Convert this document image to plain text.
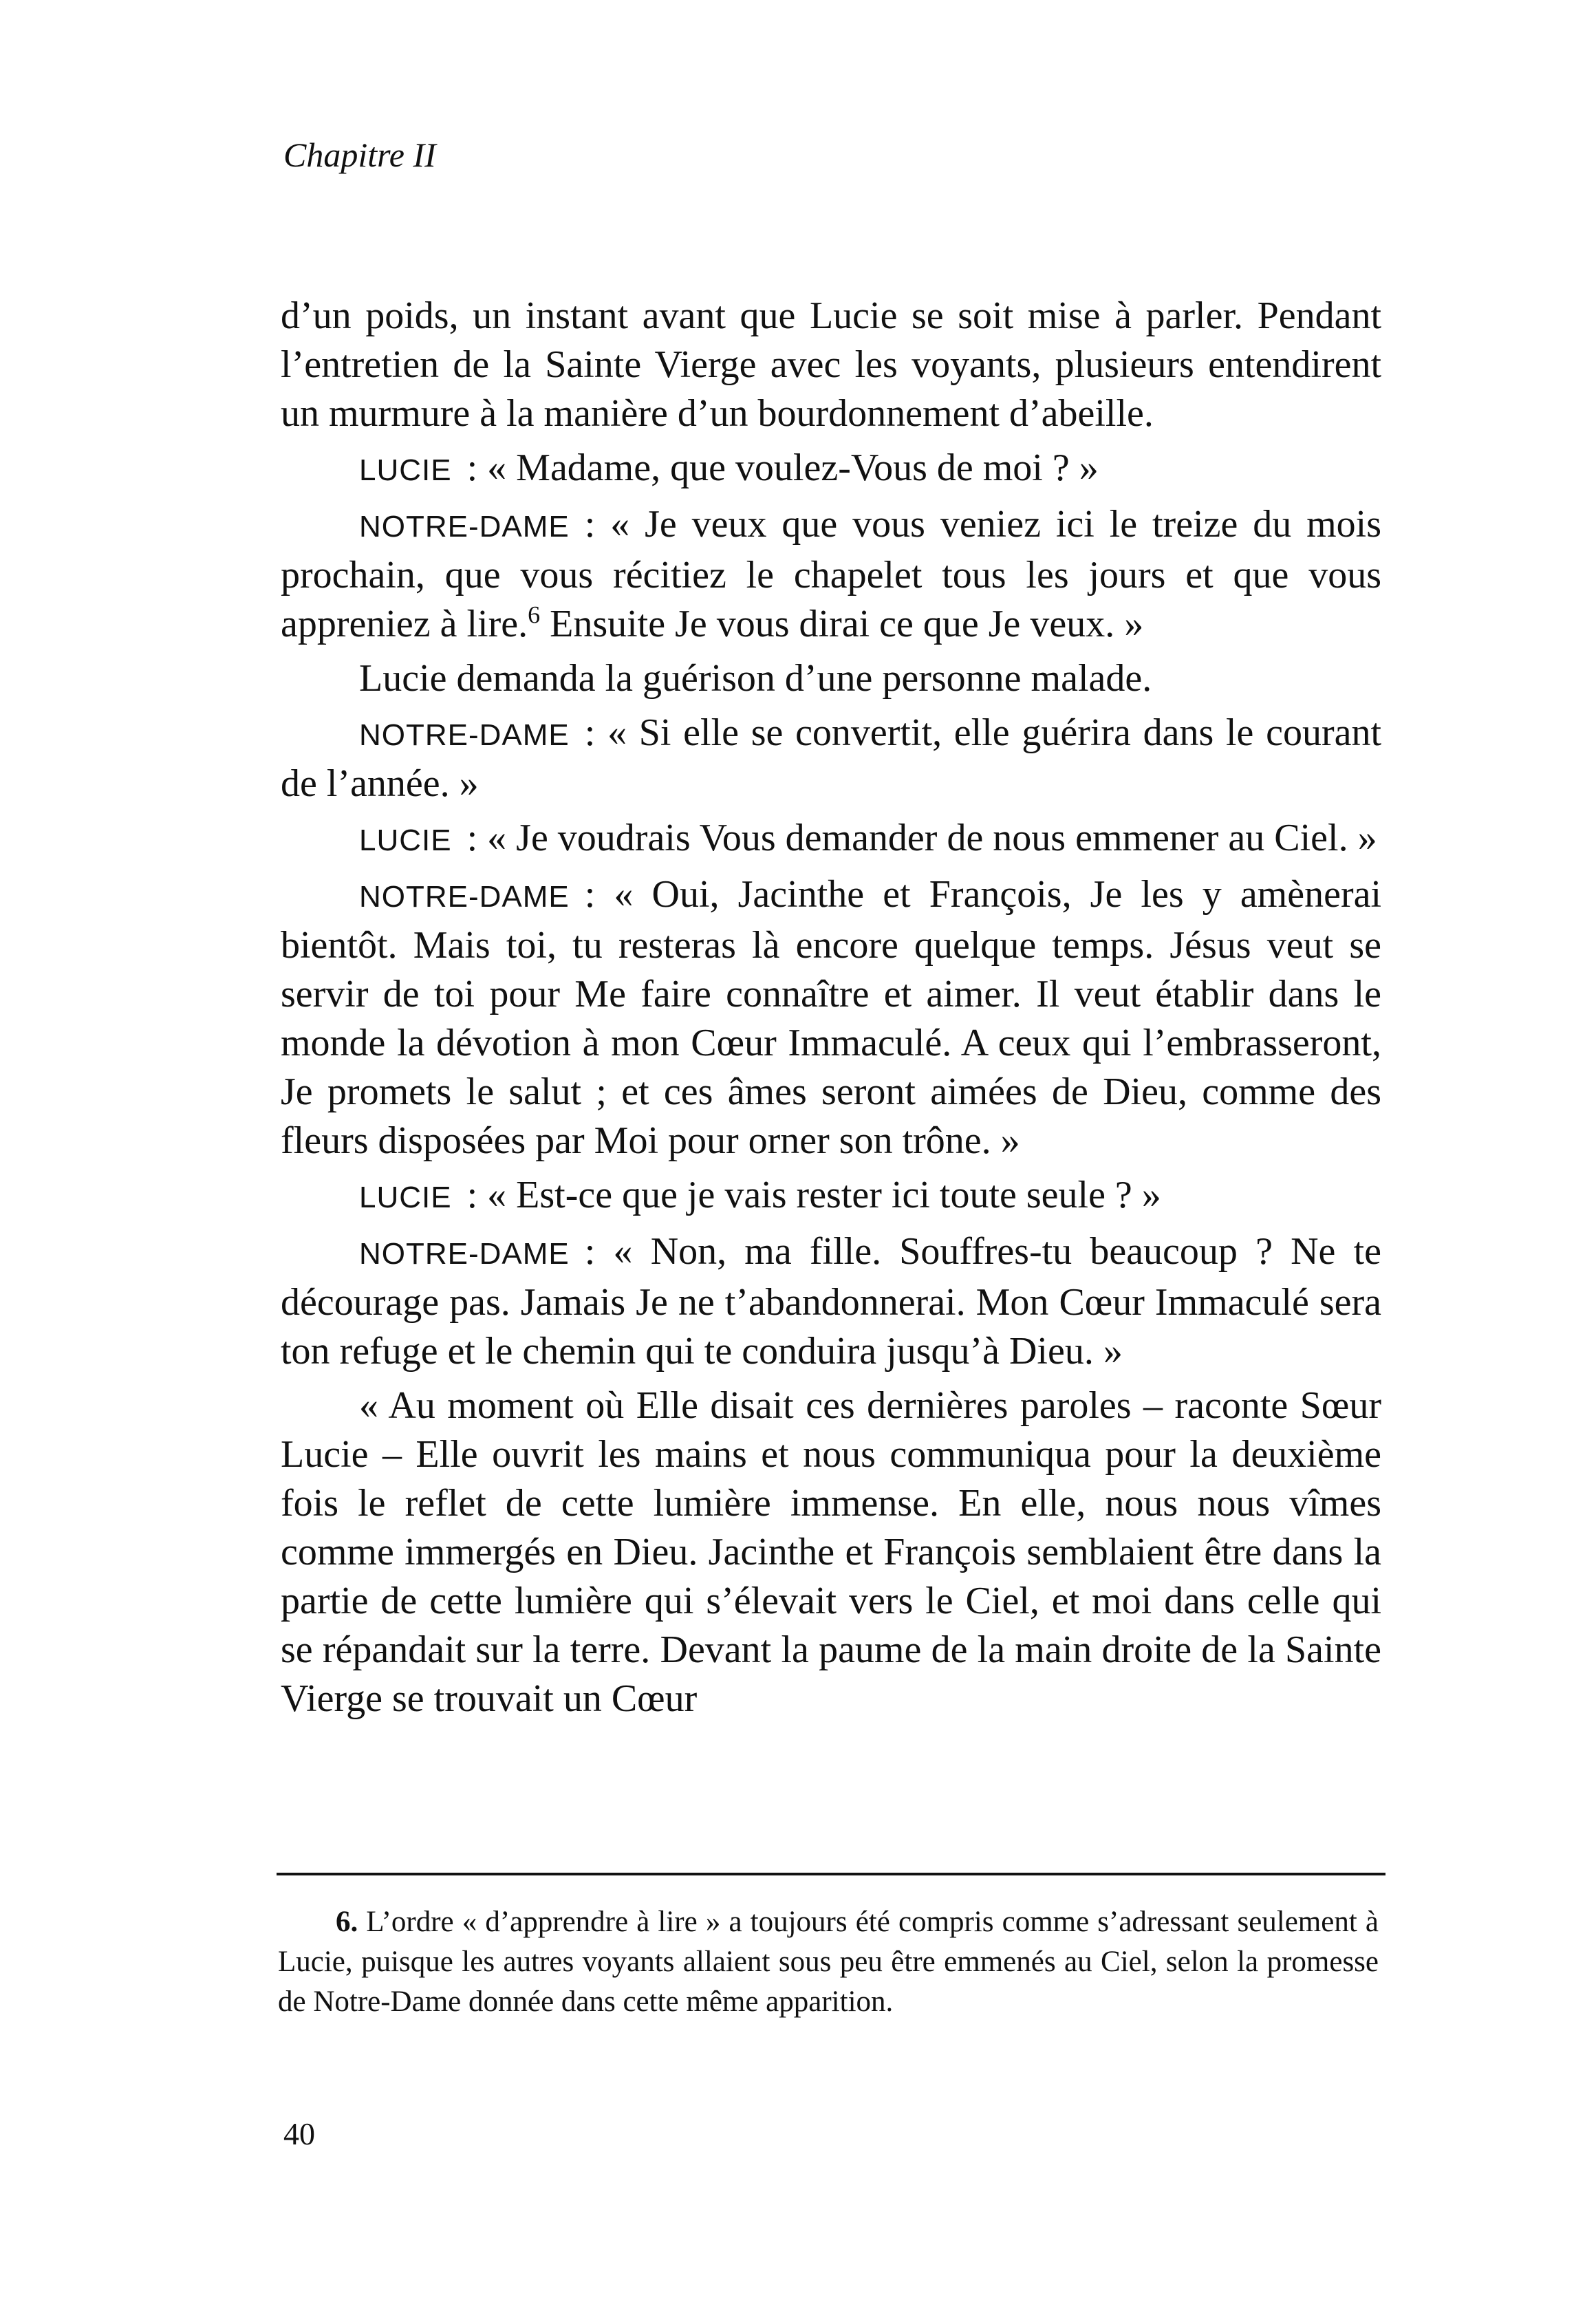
Chapitre II

d’un poids, un instant avant que Lucie se soit mise à parler. Pendant l’entretien de la Sainte Vierge avec les voyants, plusieurs entendirent un murmure à la manière d’un bourdonnement d’abeille.

LUCIE : « Madame, que voulez-Vous de moi ? »

NOTRE-DAME : « Je veux que vous veniez ici le treize du mois prochain, que vous récitiez le chapelet tous les jours et que vous appreniez à lire.$^6$ Ensuite Je vous dirai ce que Je veux. »

Lucie demanda la guérison d’une personne malade.

NOTRE-DAME : « Si elle se convertit, elle guérira dans le courant de l’année. »

LUCIE : « Je voudrais Vous demander de nous emmener au Ciel. »

NOTRE-DAME : « Oui, Jacinthe et François, Je les y amènerai bientôt. Mais toi, tu resteras là encore quelque temps. Jésus veut se servir de toi pour Me faire connaître et aimer. Il veut établir dans le monde la dévotion à mon Cœur Immaculé. A ceux qui l’embrasseront, Je promets le salut ; et ces âmes seront aimées de Dieu, comme des fleurs disposées par Moi pour orner son trône. »

LUCIE : « Est-ce que je vais rester ici toute seule ? »

NOTRE-DAME : « Non, ma fille. Souffres-tu beaucoup ? Ne te décourage pas. Jamais Je ne t’abandonnerai. Mon Cœur Immaculé sera ton refuge et le chemin qui te conduira jusqu’à Dieu. »

« Au moment où Elle disait ces dernières paroles – raconte Sœur Lucie – Elle ouvrit les mains et nous communiqua pour la deuxième fois le reflet de cette lumière immense. En elle, nous nous vîmes comme immergés en Dieu. Jacinthe et François semblaient être dans la partie de cette lumière qui s’élevait vers le Ciel, et moi dans celle qui se répandait sur la terre. Devant la paume de la main droite de la Sainte Vierge se trouvait un Cœur

6. L’ordre « d’apprendre à lire » a toujours été compris comme s’adressant seulement à Lucie, puisque les autres voyants allaient sous peu être emmenés au Ciel, selon la promesse de Notre-Dame donnée dans cette même apparition.

40
